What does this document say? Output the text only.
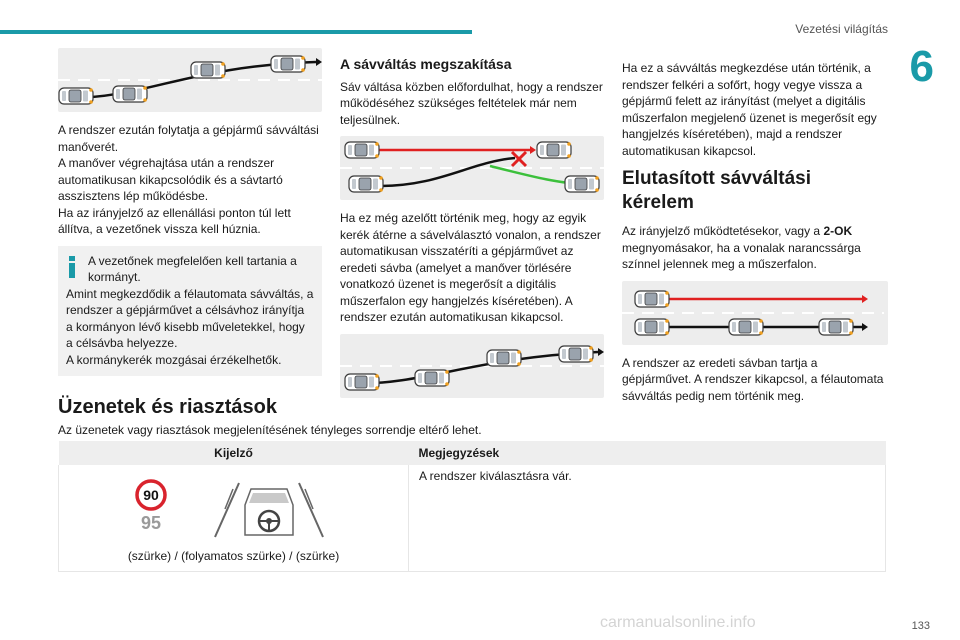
Vezetési világítás
6

A rendszer ezután folytatja a gépjármű sávváltási manőverét.

A manőver végrehajtása után a rendszer automatikusan kikapcsolódik és a sávtartó asszisztens lép működésbe.

Ha az irányjelző az ellenállási ponton túl lett állítva, a vezetőnek vissza kell húznia.

A vezetőnek megfelelően kell tartania a kormányt.

Amint megkezdődik a félautomata sávváltás, a rendszer a gépjárművet a célsávhoz irányítja a kormányon lévő kisebb műveletekkel, hogy a célsávba helyezze.

A kormánykerék mozgásai érzékelhetők.

A sávváltás megszakítása

Sáv váltása közben előfordulhat, hogy a rendszer működéséhez szükséges feltételek már nem teljesülnek.

Ha ez még azelőtt történik meg, hogy az egyik kerék átérne a sávelválasztó vonalon, a rendszer automatikusan visszatéríti a gépjárművet az eredeti sávba (amelyet a manőver törlésére vonatkozó üzenet is megerősít a digitális műszerfalon egy hangjelzés kíséretében). A rendszer ezután automatikusan kikapcsol.

Ha ez a sávváltás megkezdése után történik, a rendszer felkéri a sofőrt, hogy vegye vissza a gépjármű felett az irányítást (melyet a digitális műszerfalon megjelenő üzenet is megerősít egy hangjelzés kíséretében), majd a rendszer automatikusan kikapcsol.

Elutasított sávváltási kérelem

Az irányjelző működtetésekor, vagy a 2-OK megnyomásakor, ha a vonalak narancssárga színnel jelennek meg a műszerfalon.

A rendszer az eredeti sávban tartja a gépjárművet. A rendszer kikapcsol, a félautomata sávváltás pedig nem történik meg.

Üzenetek és riasztások
Az üzenetek vagy riasztások megjelenítésének tényleges sorrendje eltérő lehet.
Kijelző	Megjegyzések

90
95
(szürke) / (folyamatos szürke) / (szürke)	A rendszer kiválasztásra vár.
carmanualsonline.info	133
